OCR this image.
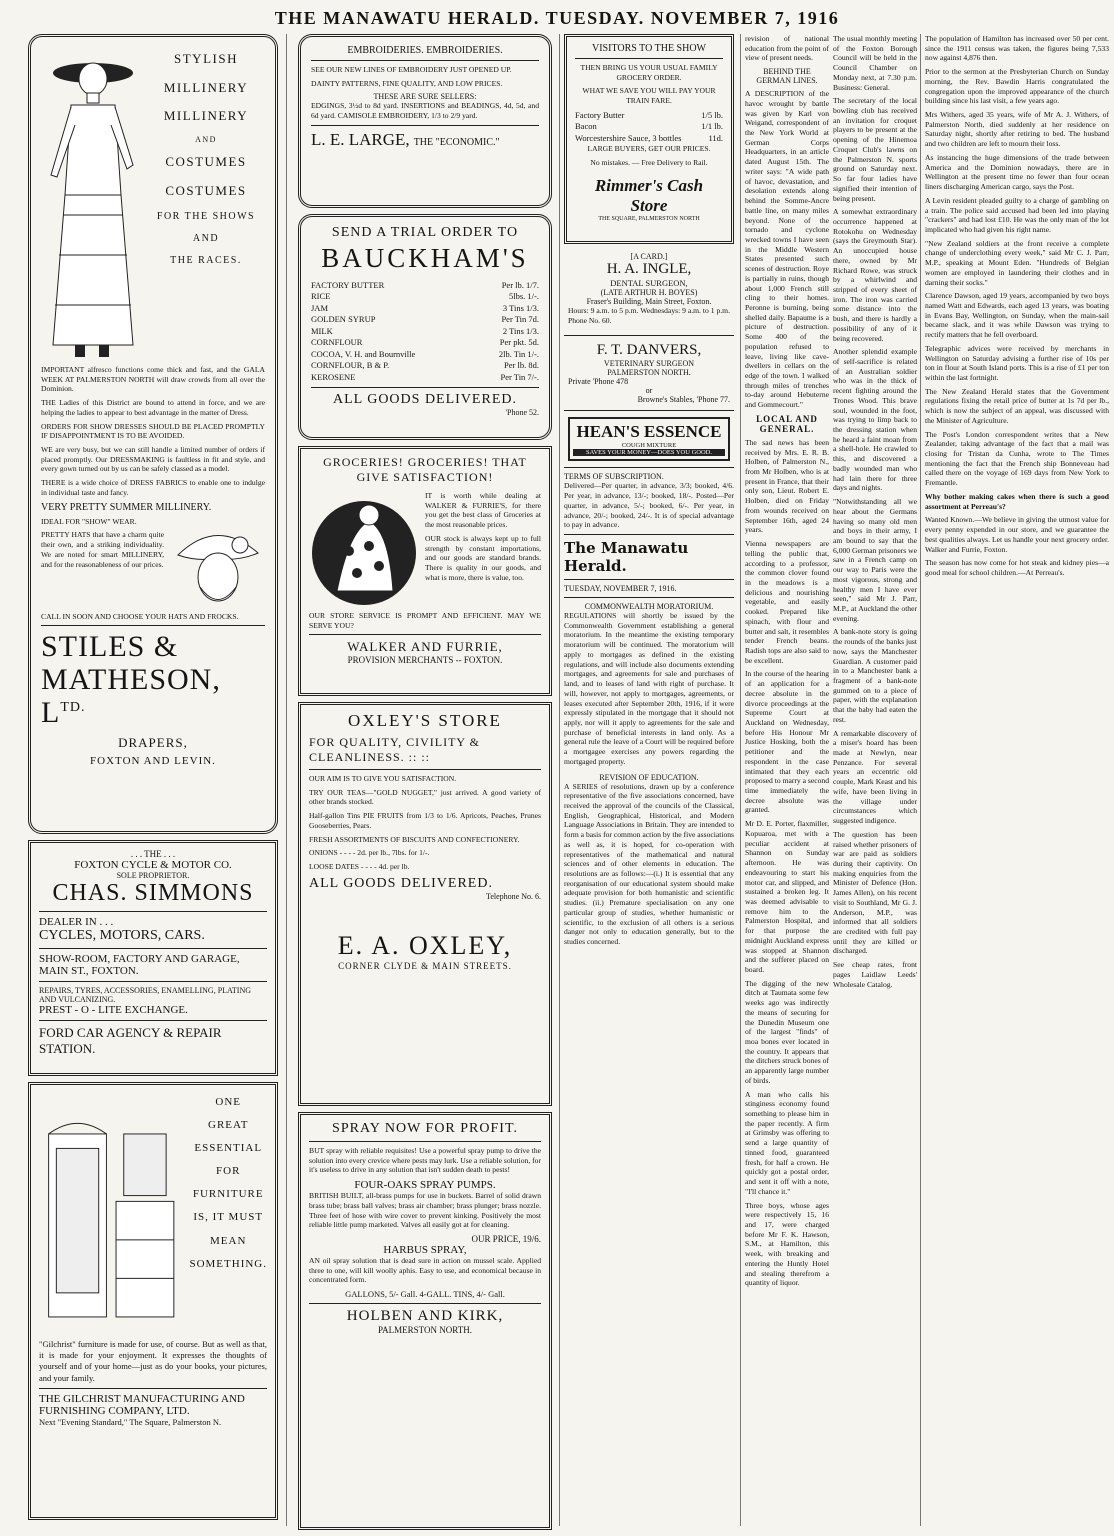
THE MANAWATU HERALD. TUESDAY. NOVEMBER 7, 1916
STYLISH
MILLINERY
MILLINERY
AND
COSTUMES
COSTUMES
FOR THE SHOWS AND
THE RACES.

IMPORTANT alfresco functions come thick and fast, and the GALA WEEK AT PALMERSTON NORTH will draw crowds from all over the Dominion.

THE Ladies of this District are bound to attend in force, and we are helping the ladies to appear to best advantage in the matter of Dress.

ORDERS FOR SHOW DRESSES SHOULD BE PLACED PROMPTLY IF DISAPPOINTMENT IS TO BE AVOIDED.

WE are very busy, but we can still handle a limited number of orders if placed promptly. Our DRESSMAKING is faultless in fit and style, and every gown turned out by us can be safely classed as a model.

THERE is a wide choice of DRESS FABRICS to enable one to indulge in individual taste and fancy.

VERY PRETTY SUMMER MILLINERY.

IDEAL FOR "SHOW" WEAR.

PRETTY HATS that have a charm quite their own, and a striking individuality. We are noted for smart MILLINERY, and for the reasonableness of our prices.

CALL IN SOON AND CHOOSE YOUR HATS AND FROCKS.

STILES &
MATHESON, $L^{TD.}$
DRAPERS,
FOXTON AND LEVIN.
. . . THE . . .
FOXTON CYCLE & MOTOR CO.
SOLE PROPRIETOR.
CHAS. SIMMONS
DEALER IN . . .
CYCLES, MOTORS, CARS.
SHOW-ROOM, FACTORY AND GARAGE, MAIN ST., FOXTON.
REPAIRS, TYRES, ACCESSORIES, ENAMELLING, PLATING AND VULCANIZING.
PREST - O - LITE EXCHANGE.
FORD CAR AGENCY & REPAIR STATION.
ONE
GREAT
ESSENTIAL
FOR
FURNITURE
IS, IT MUST
MEAN
SOMETHING.

"Gilchrist" furniture is made for use, of course. But as well as that, it is made for your enjoyment. It expresses the thoughts of yourself and of your home—just as do your books, your pictures, and your family.

THE GILCHRIST MANUFACTURING AND FURNISHING COMPANY, LTD.
Next "Evening Standard," The Square, Palmerston N.
EMBROIDERIES. EMBROIDERIES.

SEE OUR NEW LINES OF EMBROIDERY JUST OPENED UP.

DAINTY PATTERNS, FINE QUALITY, AND LOW PRICES.

THESE ARE SURE SELLERS:

EDGINGS, 3½d to 8d yard. INSERTIONS and BEADINGS, 4d, 5d, and 6d yard. CAMISOLE EMBROIDERY, 1/3 to 2/9 yard.

L. E. LARGE, THE "ECONOMIC."
SEND A TRIAL ORDER TO
BAUCKHAM'S
FACTORY BUTTER	Per lb. 1/7.
RICE	5lbs. 1/-.
JAM	3 Tins 1/3.
GOLDEN SYRUP	Per Tin 7d.
MILK	2 Tins 1/3.
CORNFLOUR	Per pkt. 5d.
COCOA, V. H. and Bournville	2lb. Tin 1/-.
CORNFLOUR, B & P.	Per lb. 8d.
KEROSENE	Per Tin 7/-.
ALL GOODS DELIVERED.
'Phone 52.
GROCERIES! GROCERIES! THAT GIVE SATISFACTION!

IT is worth while dealing at WALKER & FURRIE'S, for there you get the best class of Groceries at the most reasonable prices.

OUR stock is always kept up to full strength by constant importations, and our goods are standard brands. There is quality in our goods, and what is more, there is value, too.

OUR STORE SERVICE IS PROMPT AND EFFICIENT. MAY WE SERVE YOU?

WALKER AND FURRIE,
PROVISION MERCHANTS -- FOXTON.
OXLEY'S STORE
FOR QUALITY, CIVILITY & CLEANLINESS. :: ::

OUR AIM IS TO GIVE YOU SATISFACTION.

TRY OUR TEAS—"GOLD NUGGET," just arrived. A good variety of other brands stocked.

Half-gallon Tins PIE FRUITS from 1/3 to 1/6. Apricots, Peaches, Prunes Gooseberries, Pears.

FRESH ASSORTMENTS OF BISCUITS AND CONFECTIONERY.

ONIONS - - - - 2d. per lb., 7lbs. for 1/-.

LOOSE DATES - - - - 4d. per lb.

ALL GOODS DELIVERED.
Telephone No. 6.
E. A. OXLEY,
CORNER CLYDE & MAIN STREETS.
SPRAY NOW FOR PROFIT.

BUT spray with reliable requisites! Use a powerful spray pump to drive the solution into every crevice where pests may lurk. Use a reliable solution, for it's useless to drive in any solution that isn't sudden death to pests!

FOUR-OAKS SPRAY PUMPS.

BRITISH BUILT, all-brass pumps for use in buckets. Barrel of solid drawn brass tube; brass ball valves; brass air chamber; brass plunger; brass nozzle. Three feet of hose with wire cover to prevent kinking. Positively the most reliable little pump marketed. Valves all easily got at for cleaning.

OUR PRICE, 19/6.
HARBUS SPRAY,

AN oil spray solution that is dead sure in action on mussel scale. Applied three to one, will kill woolly aphis. Easy to use, and economical because in concentrated form.

GALLONS, 5/- Gall. 4-GALL. TINS, 4/- Gall.
HOLBEN AND KIRK,
PALMERSTON NORTH.
VISITORS TO THE SHOW

THEN BRING US YOUR USUAL FAMILY GROCERY ORDER.

WHAT WE SAVE YOU WILL PAY YOUR TRAIN FARE.

Factory Butter	1/5 lb.
Bacon	1/1 lb.
Worcestershire Sauce, 3 bottles	11d.

LARGE BUYERS, GET OUR PRICES.

No mistakes. — Free Delivery to Rail.

Rimmer's Cash Store
THE SQUARE, PALMERSTON NORTH
[A CARD.]
H. A. INGLE,
DENTAL SURGEON,
(LATE ARTHUR H. BOYES)
Fraser's Building, Main Street, Foxton.

Hours: 9 a.m. to 5 p.m. Wednesdays: 9 a.m. to 1 p.m. Phone No. 60.

F. T. DANVERS,
VETERINARY SURGEON
PALMERSTON NORTH.
Private 'Phone 478
or
Browne's Stables, 'Phone 77.
HEAN'S ESSENCE
COUGH MIXTURE
SAVES YOUR MONEY—DOES YOU GOOD.
TERMS OF SUBSCRIPTION.

Delivered—Per quarter, in advance, 3/3; booked, 4/6. Per year, in advance, 13/-; booked, 18/-. Posted—Per quarter, in advance, 5/-; booked, 6/-. Per year, in advance, 20/-; booked, 24/-. It is of special advantage to pay in advance.

The Manawatu Herald.
TUESDAY, NOVEMBER 7, 1916.
COMMONWEALTH MORATORIUM.

REGULATIONS will shortly be issued by the Commonwealth Government establishing a general moratorium. In the meantime the existing temporary moratorium will be continued. The moratorium will apply to mortgages as defined in the existing regulations, and will include also documents extending mortgages, and agreements for sale and purchases of land, and to leases of land with right of purchase. It will, however, not apply to mortgages, agreements, or leases executed after September 20th, 1916, if it were expressly stipulated in the mortgage that it should not apply, nor will it apply to agreements for the sale and purchase of beneficial interests in land only. As a general rule the leave of a Court will be required before a mortgagee exercises any powers regarding the mortgaged property.

REVISION OF EDUCATION.

A SERIES of resolutions, drawn up by a conference representative of the five associations concerned, have received the approval of the councils of the Classical, English, Geographical, Historical, and Modern Language Associations in Britain. They are intended to form a basis for common action by the five associations as well as, it is hoped, for co-operation with representatives of the mathematical and natural sciences and of other elements in education. The resolutions are as follows:—(i.) It is essential that any reorganisation of our educational system should make adequate provision for both humanistic and scientific studies. (ii.) Premature specialisation on any one particular group of studies, whether humanistic or scientific, to the exclusion of all others is a serious danger not only to education generally, but to the studies concerned.

revision of national education from the point of view of present needs.

BEHIND THE GERMAN LINES.

A DESCRIPTION of the havoc wrought by battle was given by Karl von Weigand, correspondent of the New York World at German Corps Headquarters, in an article dated August 15th. The writer says: "A wide path of havoc, devastation, and desolation extends along behind the Somme-Ancre battle line, on many miles beyond. None of the tornado and cyclone wrecked towns I have seen in the Middle Western States presented such scenes of destruction. Roye is partially in ruins, though about 1,000 French still cling to their homes. Peronne is burning, being shelled daily. Bapaume is a picture of destruction. Some 400 of the population refused to leave, living like cave-dwellers in cellars on the edge of the town. I walked through miles of trenches to-day around Hebuterne and Gommecourt."

LOCAL AND GENERAL.

The sad news has been received by Mrs. E. R. B. Holben, of Palmerston N., from Mr Holben, who is at present in France, that their only son, Lieut. Robert E. Holben, died on Friday from wounds received on September 16th, aged 24 years.

Vienna newspapers are telling the public that, according to a professor, the common clover found in the meadows is a delicious and nourishing vegetable, and easily cooked. Prepared like spinach, with flour and butter and salt, it resembles tender French beans. Radish tops are also said to be excellent.

In the course of the hearing of an application for a decree absolute in the divorce proceedings at the Supreme Court at Auckland on Wednesday, before His Honour Mr Justice Hosking, both the petitioner and the respondent in the case intimated that they each proposed to marry a second time immediately the decree absolute was granted.

Mr D. E. Porter, flaxmiller, Kopuaroa, met with a peculiar accident at Shannon on Sunday afternoon. He was endeavouring to start his motor car, and slipped, and sustained a broken leg. It was deemed advisable to remove him to the Palmerston Hospital, and for that purpose the midnight Auckland express was stopped at Shannon and the sufferer placed on board.

The digging of the new ditch at Taumata some few weeks ago was indirectly the means of securing for the Dunedin Museum one of the largest "finds" of moa bones ever located in the country. It appears that the ditchers struck bones of an apparently large number of birds.

A man who calls his stinginess economy found something to please him in the paper recently. A firm at Grimsby was offering to send a large quantity of tinned food, guaranteed fresh, for half a crown. He quickly got a postal order, and sent it off with a note, "I'll chance it."

Three boys, whose ages were respectively 15, 16 and 17, were charged before Mr F. K. Hawson, S.M., at Hamilton, this week, with breaking and entering the Huntly Hotel and stealing therefrom a quantity of liquor.

The population of Hamilton has increased over 50 per cent. since the 1911 census was taken, the figures being 7,533 now against 4,876 then.

Prior to the sermon at the Presbyterian Church on Sunday morning, the Rev. Bawdin Harris congratulated the congregation upon the improved appearance of the church building since his last visit, a few years ago.

Mrs Withers, aged 35 years, wife of Mr A. J. Withers, of Palmerston North, died suddenly at her residence on Saturday night, shortly after retiring to bed. The husband and two children are left to mourn their loss.

As instancing the huge dimensions of the trade between America and the Dominion nowadays, there are in Wellington at the present time no fewer than four ocean liners discharging American cargo, says the Post.

A Levin resident pleaded guilty to a charge of gambling on a train. The police said accused had been led into playing "crackers" and had lost £10. He was the only man of the lot implicated who had given his right name.

"New Zealand soldiers at the front receive a complete change of underclothing every week," said Mr C. J. Parr, M.P., speaking at Mount Eden. "Hundreds of Belgian women are employed in laundering their clothes and in darning their socks."

Clarence Dawson, aged 19 years, accompanied by two boys named Watt and Edwards, each aged 13 years, was boating in Evans Bay, Wellington, on Sunday, when the main-sail became slack, and it was while Dawson was trying to rectify matters that he fell overboard.

Telegraphic advices were received by merchants in Wellington on Saturday advising a further rise of 10s per ton in flour at South Island ports. This is a rise of £1 per ton within the last fortnight.

The New Zealand Herald states that the Government regulations fixing the retail price of butter at 1s 7d per lb., which is now the subject of an appeal, was discussed with the Minister of Agriculture.

The Post's London correspondent writes that a New Zealander, taking advantage of the fact that a mail was closing for Tristan da Cunha, wrote to The Times mentioning the fact that the French ship Bonneveau had called there on the voyage of 169 days from New York to Fremantle.

Why bother making cakes when there is such a good assortment at Perreau's?

Wanted Known.—We believe in giving the utmost value for every penny expended in our store, and we guarantee the best qualities always. Let us handle your next grocery order. Walker and Furrie, Foxton.

The season has now come for hot steak and kidney pies—a good meal for school children.—At Perreau's.

The usual monthly meeting of the Foxton Borough Council will be held in the Council Chamber on Monday next, at 7.30 p.m. Business: General.

The secretary of the local bowling club has received an invitation for croquet players to be present at the opening of the Hinemoa Croquet Club's lawns on the Palmerston N. sports ground on Saturday next. So far four ladies have signified their intention of being present.

A somewhat extraordinary occurrence happened at Rotokohu on Wednesday (says the Greymouth Star). An unoccupied house there, owned by Mr Richard Rowe, was struck by a whirlwind and stripped of every sheet of iron. The iron was carried some distance into the bush, and there is hardly a possibility of any of it being recovered.

Another splendid example of self-sacrifice is related of an Australian soldier who was in the thick of recent fighting around the Trones Wood. This brave soul, wounded in the foot, was trying to limp back to the dressing station when he heard a faint moan from a shell-hole. He crawled to this, and discovered a badly wounded man who had lain there for three days and nights.

"Notwithstanding all we hear about the Germans having so many old men and boys in their army, I am bound to say that the 6,000 German prisoners we saw in a French camp on our way to Paris were the most vigorous, strong and healthy men I have ever seen," said Mr J. Parr, M.P., at Auckland the other evening.

A bank-note story is going the rounds of the banks just now, says the Manchester Guardian. A customer paid in to a Manchester bank a fragment of a bank-note gummed on to a piece of paper, with the explanation that the baby had eaten the rest.

A remarkable discovery of a miser's hoard has been made at Newlyn, near Penzance. For several years an eccentric old couple, Mark Keast and his wife, have been living in the village under circumstances which suggested indigence.

The question has been raised whether prisoners of war are paid as soldiers during their captivity. On making enquiries from the Minister of Defence (Hon. James Allen), on his recent visit to Southland, Mr G. J. Anderson, M.P., was informed that all soldiers are credited with full pay until they are killed or discharged.

See cheap rates, front pages Laidlaw Leeds' Wholesale Catalog.
